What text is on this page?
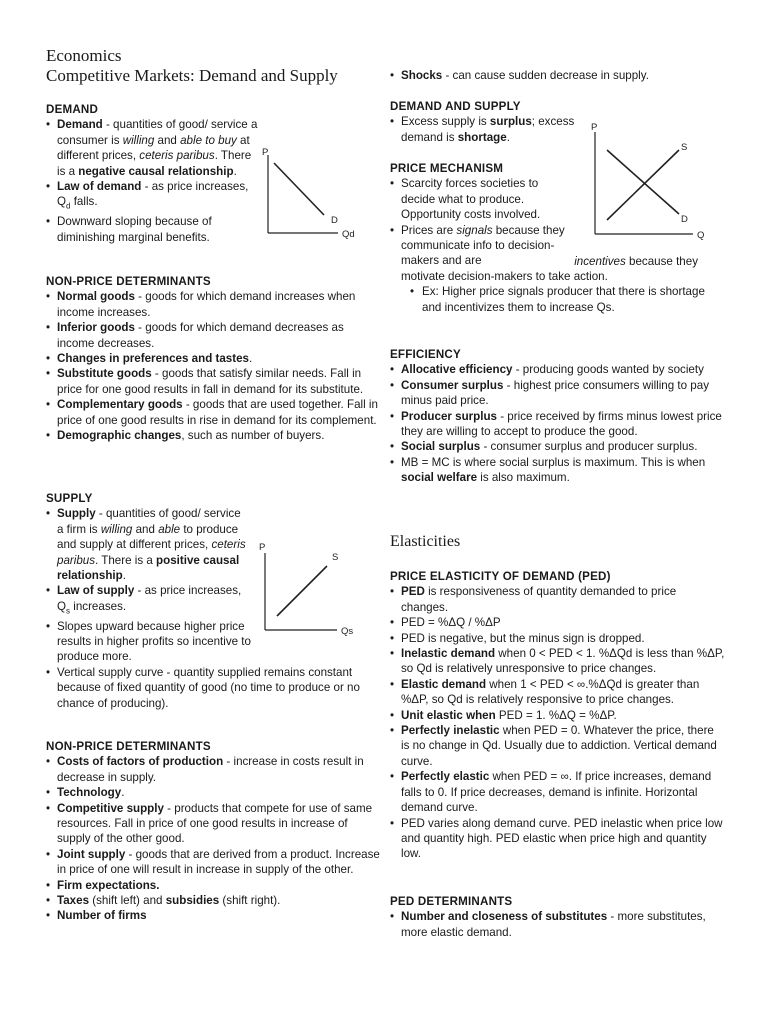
Economics
Competitive Markets: Demand and Supply
DEMAND
• Demand - quantities of good/ service a consumer is willing and able to buy at different prices, ceteris paribus. There is a negative causal relationship.
• Law of demand - as price increases, $Q_d$ falls.
• Downward sloping because of diminishing marginal benefits.
P
D
Qd
NON-PRICE DETERMINANTS
• Normal goods - goods for which demand increases when income increases.
• Inferior goods - goods for which demand decreases as income decreases.
• Changes in preferences and tastes.
• Substitute goods - goods that satisfy similar needs. Fall in price for one good results in fall in demand for its substitute.
• Complementary goods - goods that are used together. Fall in price of one good results in rise in demand for its complement.
• Demographic changes, such as number of buyers.
SUPPLY
• Supply - quantities of good/ service a firm is willing and able to produce and supply at different prices, ceteris paribus. There is a positive causal relationship.
• Law of supply - as price increases, $Q_s$ increases.
• Slopes upward because higher price results in higher profits so incentive to produce more.
• Vertical supply curve - quantity supplied remains constant because of fixed quantity of good (no time to produce or no chance of producing).
P
S
Qs
NON-PRICE DETERMINANTS
• Costs of factors of production - increase in costs result in decrease in supply.
• Technology.
• Competitive supply - products that compete for use of same resources. Fall in price of one good results in increase of supply of the other good.
• Joint supply - goods that are derived from a product. Increase in price of one will result in increase in supply of the other.
• Firm expectations.
• Taxes (shift left) and subsidies (shift right).
• Number of firms
• Shocks - can cause sudden decrease in supply.
DEMAND AND SUPPLY
• Excess supply is surplus; excess demand is shortage.
P
S
D
Q
PRICE MECHANISM
• Scarcity forces societies to decide what to produce. Opportunity costs involved.
• Prices are signals because they communicate info to decision-makers and are	incentives because they motivate decision-makers to take action.
• Ex: Higher price signals producer that there is shortage and incentivizes them to increase Qs.
EFFICIENCY
• Allocative efficiency - producing goods wanted by society
• Consumer surplus - highest price consumers willing to pay minus paid price.
• Producer surplus - price received by firms minus lowest price they are willing to accept to produce the good.
• Social surplus - consumer surplus and producer surplus.
• MB = MC is where social surplus is maximum. This is when social welfare is also maximum.
Elasticities
PRICE ELASTICITY OF DEMAND (PED)
• PED is responsiveness of quantity demanded to price changes.
• PED = %ΔQ / %ΔP
• PED is negative, but the minus sign is dropped.
• Inelastic demand when 0 < PED < 1. %ΔQd is less than %ΔP, so Qd is relatively unresponsive to price changes.
• Elastic demand when 1 < PED < ∞.%ΔQd is greater than %ΔP, so Qd is relatively responsive to price changes.
• Unit elastic when PED = 1. %ΔQ = %ΔP.
• Perfectly inelastic when PED = 0. Whatever the price, there is no change in Qd. Usually due to addiction. Vertical demand curve.
• Perfectly elastic when PED = ∞. If price increases, demand falls to 0. If price decreases, demand is infinite. Horizontal demand curve.
• PED varies along demand curve. PED inelastic when price low and quantity high. PED elastic when price high and quantity low.
PED DETERMINANTS
• Number and closeness of substitutes - more substitutes, more elastic demand.
